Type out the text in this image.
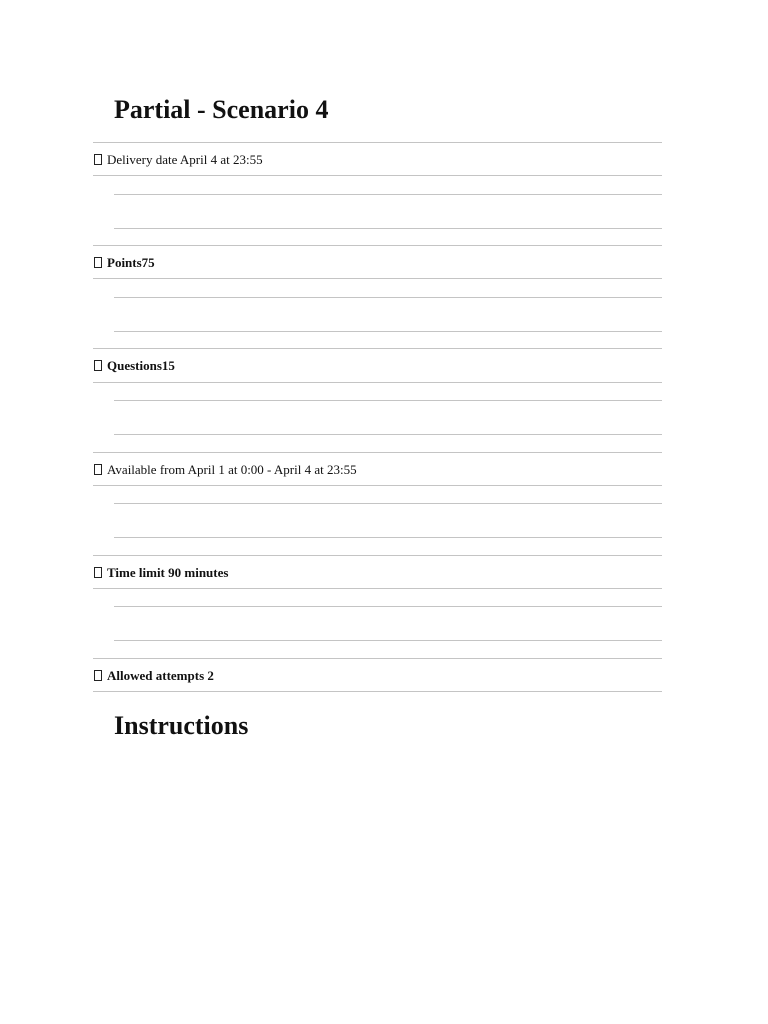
Partial - Scenario 4
Delivery date April 4 at 23:55
Points75
Questions15
Available from April 1 at 0:00 - April 4 at 23:55
Time limit 90 minutes
Allowed attempts 2
Instructions
